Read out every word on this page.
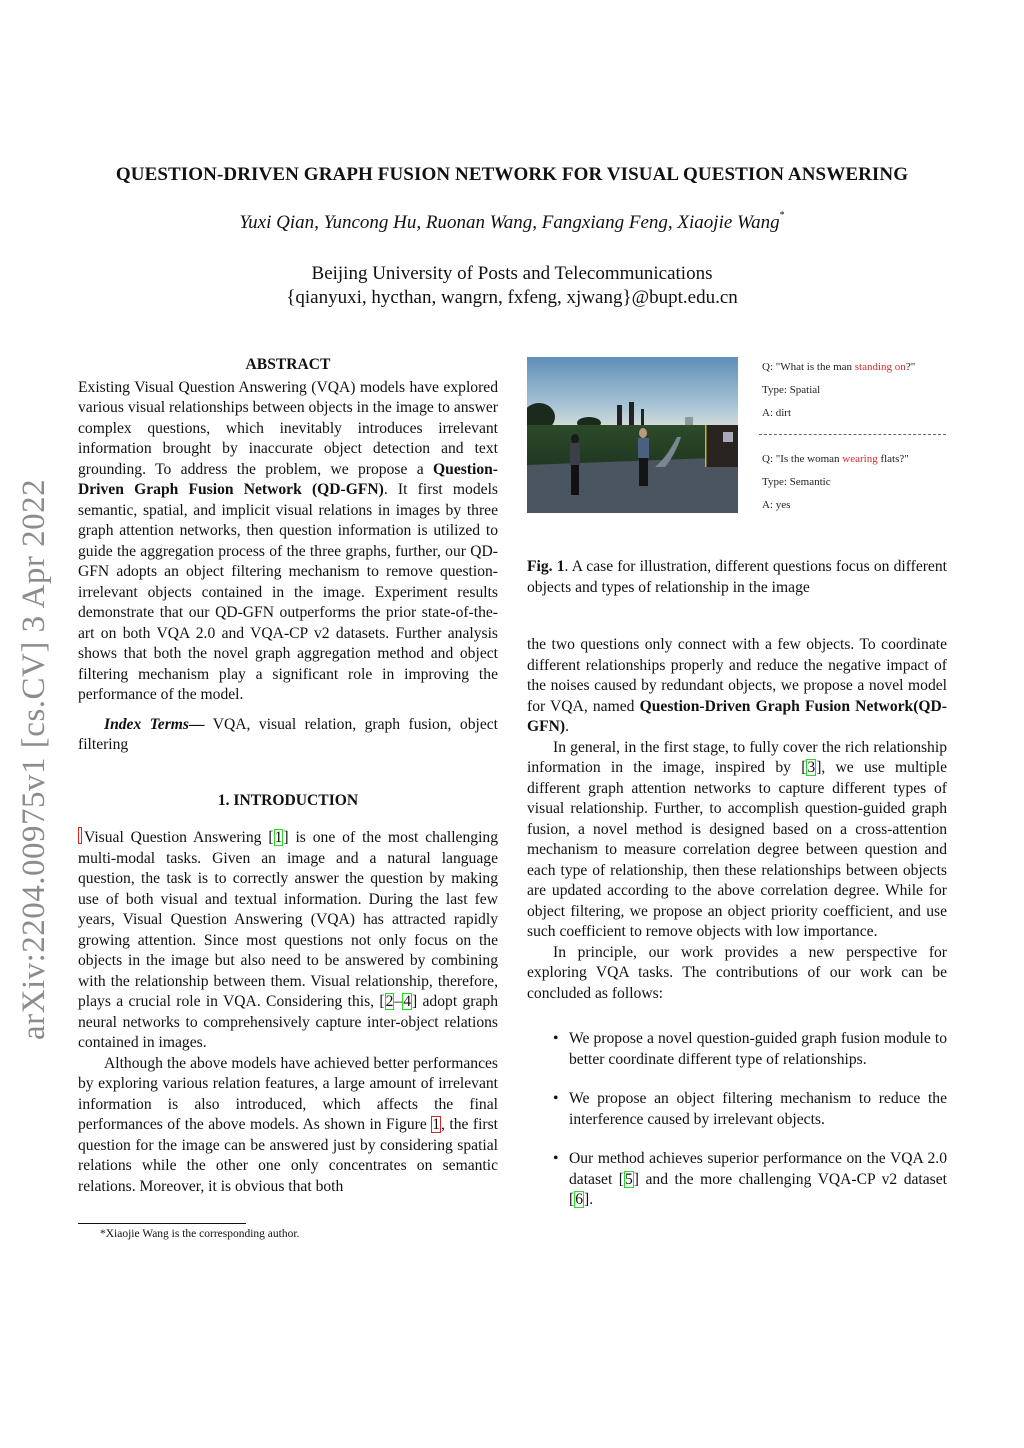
QUESTION-DRIVEN GRAPH FUSION NETWORK FOR VISUAL QUESTION ANSWERING
Yuxi Qian, Yuncong Hu, Ruonan Wang, Fangxiang Feng, Xiaojie Wang*
Beijing University of Posts and Telecommunications
{qianyuxi, hycthan, wangrn, fxfeng, xjwang}@bupt.edu.cn
arXiv:2204.00975v1 [cs.CV] 3 Apr 2022
ABSTRACT

Existing Visual Question Answering (VQA) models have explored various visual relationships between objects in the image to answer complex questions, which inevitably introduces irrelevant information brought by inaccurate object detection and text grounding. To address the problem, we propose a Question-Driven Graph Fusion Network (QD-GFN). It first models semantic, spatial, and implicit visual relations in images by three graph attention networks, then question information is utilized to guide the aggregation process of the three graphs, further, our QD-GFN adopts an object filtering mechanism to remove question-irrelevant objects contained in the image. Experiment results demonstrate that our QD-GFN outperforms the prior state-of-the-art on both VQA 2.0 and VQA-CP v2 datasets. Further analysis shows that both the novel graph aggregation method and object filtering mechanism play a significant role in improving the performance of the model.

Index Terms— VQA, visual relation, graph fusion, object filtering

1. INTRODUCTION

Visual Question Answering [1] is one of the most challenging multi-modal tasks. Given an image and a natural language question, the task is to correctly answer the question by making use of both visual and textual information. During the last few years, Visual Question Answering (VQA) has attracted rapidly growing attention. Since most questions not only focus on the objects in the image but also need to be answered by combining with the relationship between them. Visual relationship, therefore, plays a crucial role in VQA. Considering this, [2–4] adopt graph neural networks to comprehensively capture inter-object relations contained in images.

Although the above models have achieved better performances by exploring various relation features, a large amount of irrelevant information is also introduced, which affects the final performances of the above models. As shown in Figure 1, the first question for the image can be answered just by considering spatial relations while the other one only concentrates on semantic relations. Moreover, it is obvious that both

*Xiaojie Wang is the corresponding author.
Q: "What is the man standing on?"
Type: Spatial
A: dirt
Q: "Is the woman wearing flats?"
Type: Semantic
A: yes

Fig. 1. A case for illustration, different questions focus on different objects and types of relationship in the image

the two questions only connect with a few objects. To coordinate different relationships properly and reduce the negative impact of the noises caused by redundant objects, we propose a novel model for VQA, named Question-Driven Graph Fusion Network(QD-GFN).

In general, in the first stage, to fully cover the rich relationship information in the image, inspired by [3], we use multiple different graph attention networks to capture different types of visual relationship. Further, to accomplish question-guided graph fusion, a novel method is designed based on a cross-attention mechanism to measure correlation degree between question and each type of relationship, then these relationships between objects are updated according to the above correlation degree. While for object filtering, we propose an object priority coefficient, and use such coefficient to remove objects with low importance.

In principle, our work provides a new perspective for exploring VQA tasks. The contributions of our work can be concluded as follows:

• We propose a novel question-guided graph fusion module to better coordinate different type of relationships.
• We propose an object filtering mechanism to reduce the interference caused by irrelevant objects.
• Our method achieves superior performance on the VQA 2.0 dataset [5] and the more challenging VQA-CP v2 dataset [6].
